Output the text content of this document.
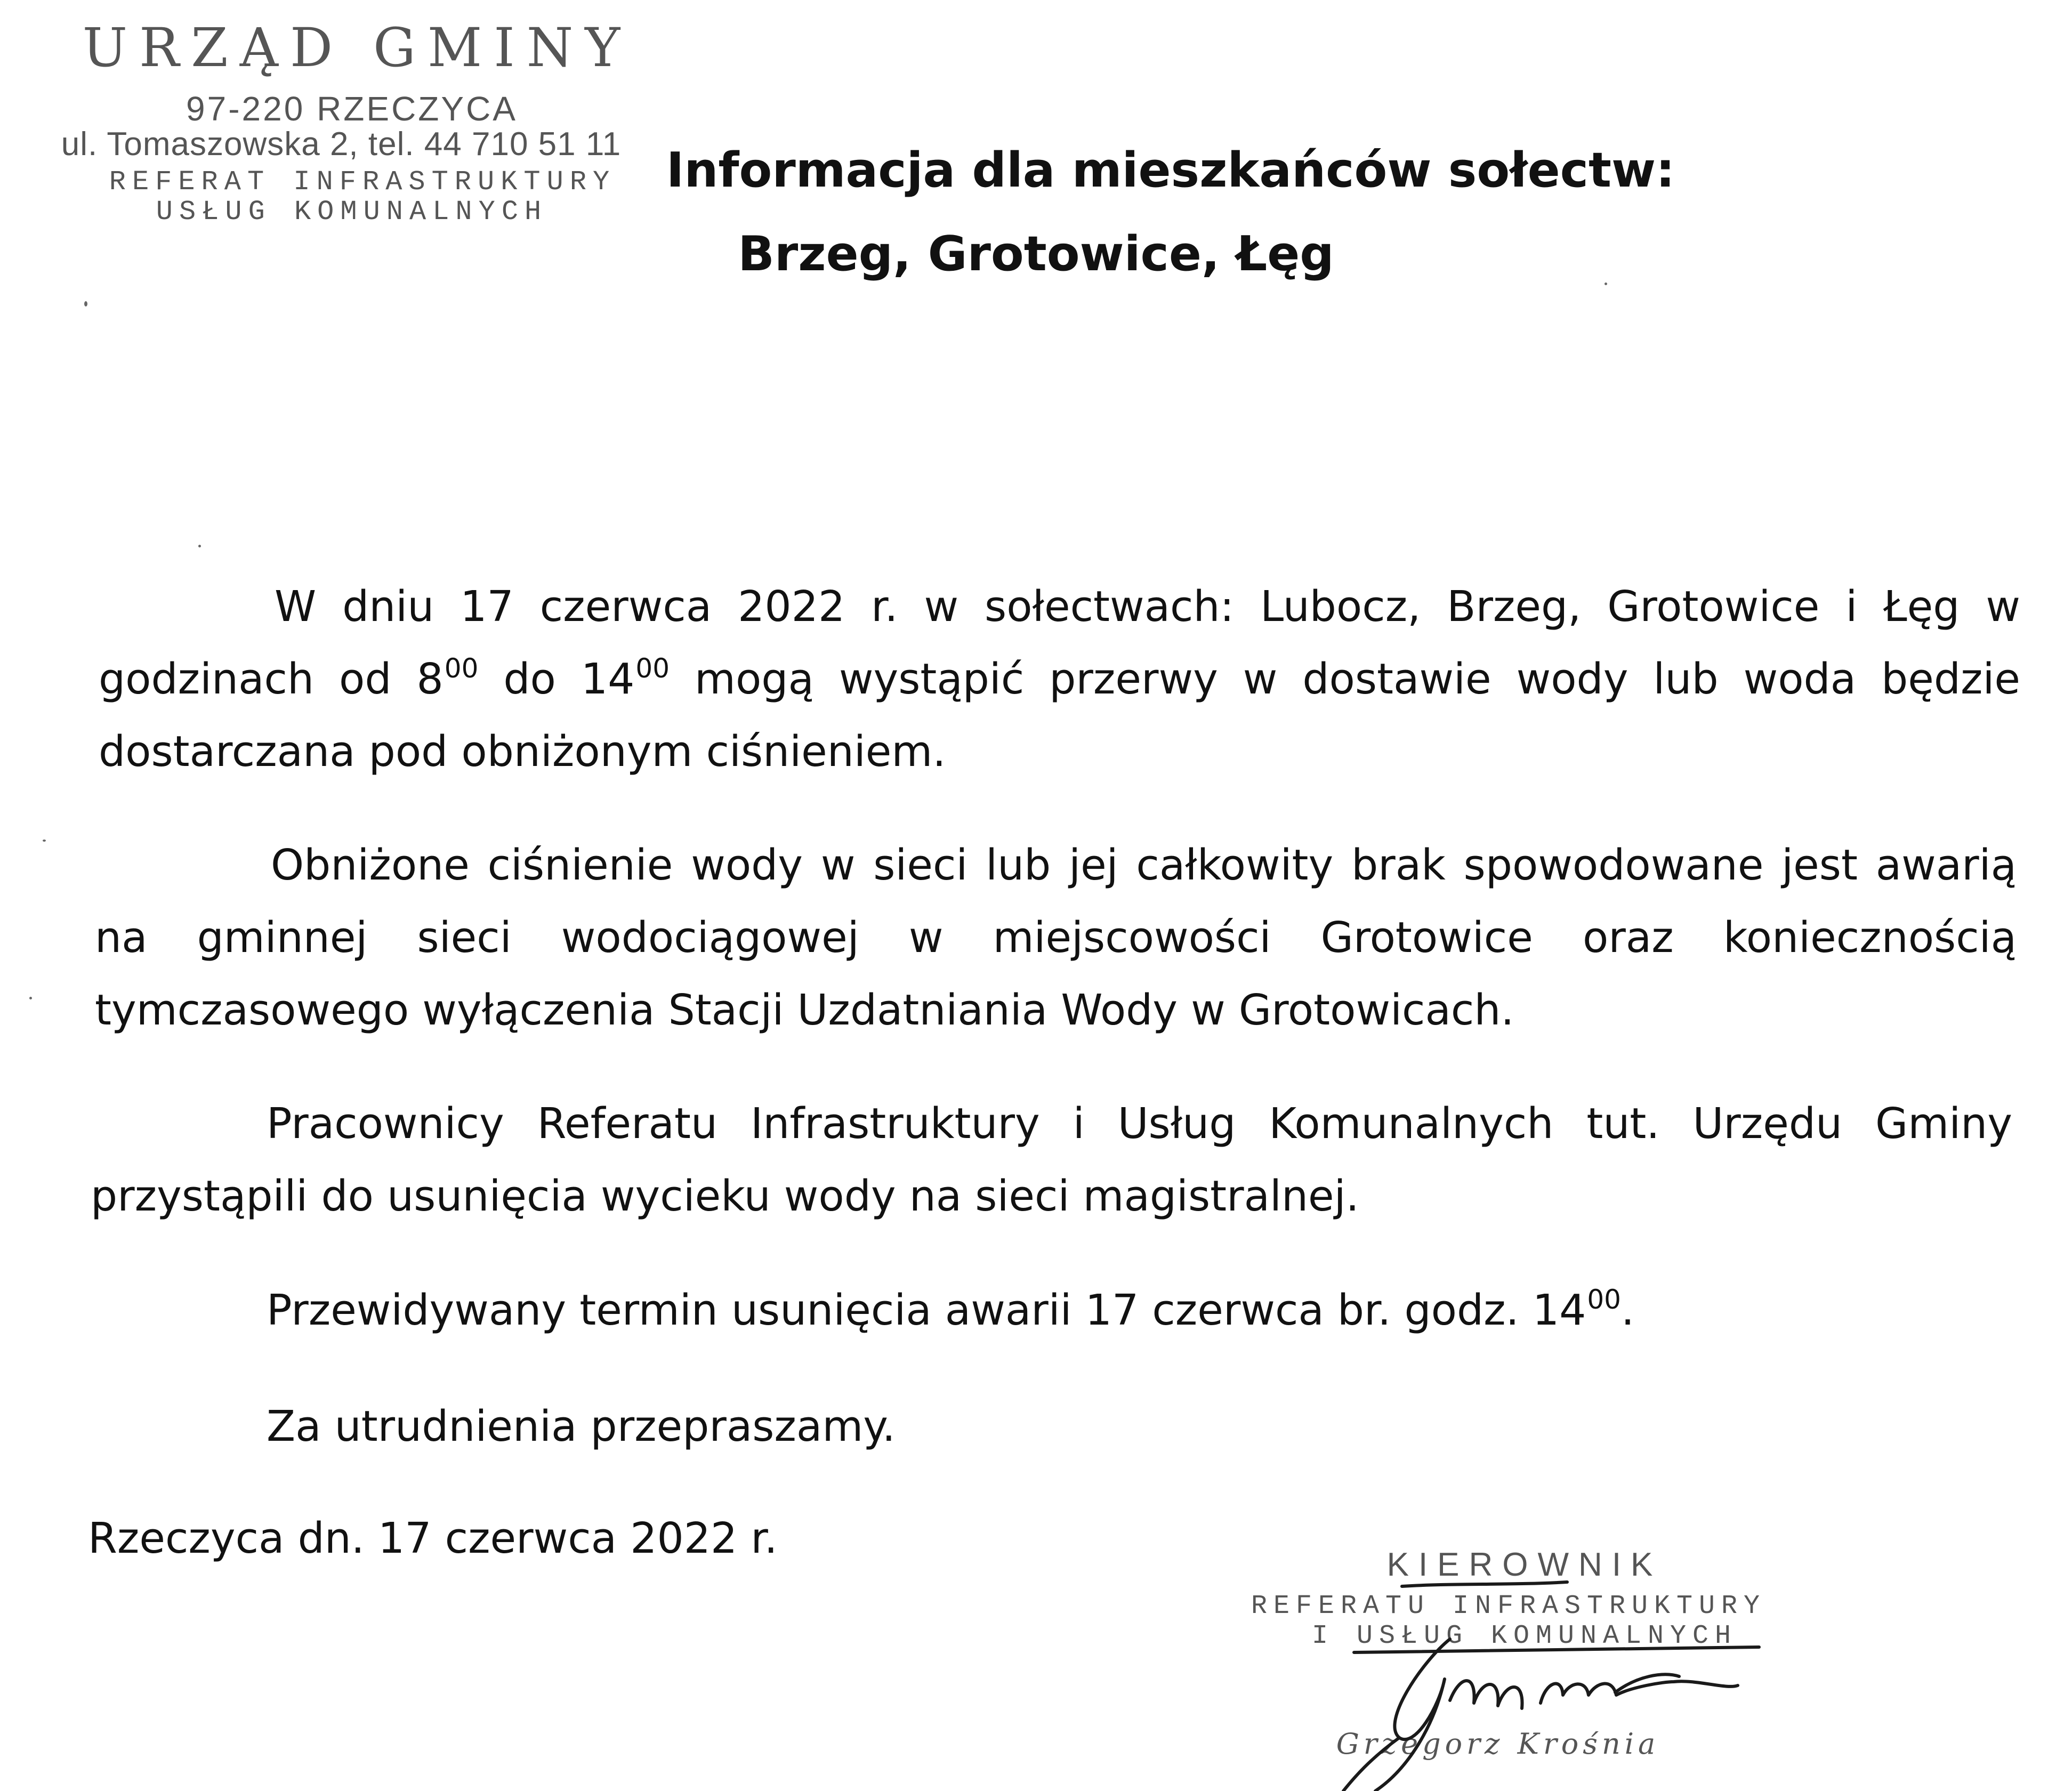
URZĄD GMINY
97-220 RZECZYCA
ul. Tomaszowska 2, tel. 44 710 51 11
REFERAT INFRASTRUKTURY
USŁUG KOMUNALNYCH
Informacja dla mieszkańców sołectw:
Brzeg, Grotowice, Łęg

W dniu 17 czerwca 2022 r. w sołectwach: Lubocz, Brzeg, Grotowice i Łęg w godzinach od $8^{00}$ do $14^{00}$ mogą wystąpić przerwy w dostawie wody lub woda będzie dostarczana pod obniżonym ciśnieniem.

Obniżone ciśnienie wody w sieci lub jej całkowity brak spowodowane jest awarią na gminnej sieci wodociągowej w miejscowości Grotowice oraz koniecznością tymczasowego wyłączenia Stacji Uzdatniania Wody w Grotowicach.

Pracownicy Referatu Infrastruktury i Usług Komunalnych tut. Urzędu Gminy przystąpili do usunięcia wycieku wody na sieci magistralnej.

Przewidywany termin usunięcia awarii 17 czerwca br. godz. $14^{00}$.

Za utrudnienia przepraszamy.

Rzeczyca dn. 17 czerwca 2022 r.

KIEROWNIK
REFERATU INFRASTRUKTURY
I USŁUG KOMUNALNYCH
Grzegorz Krośnia
